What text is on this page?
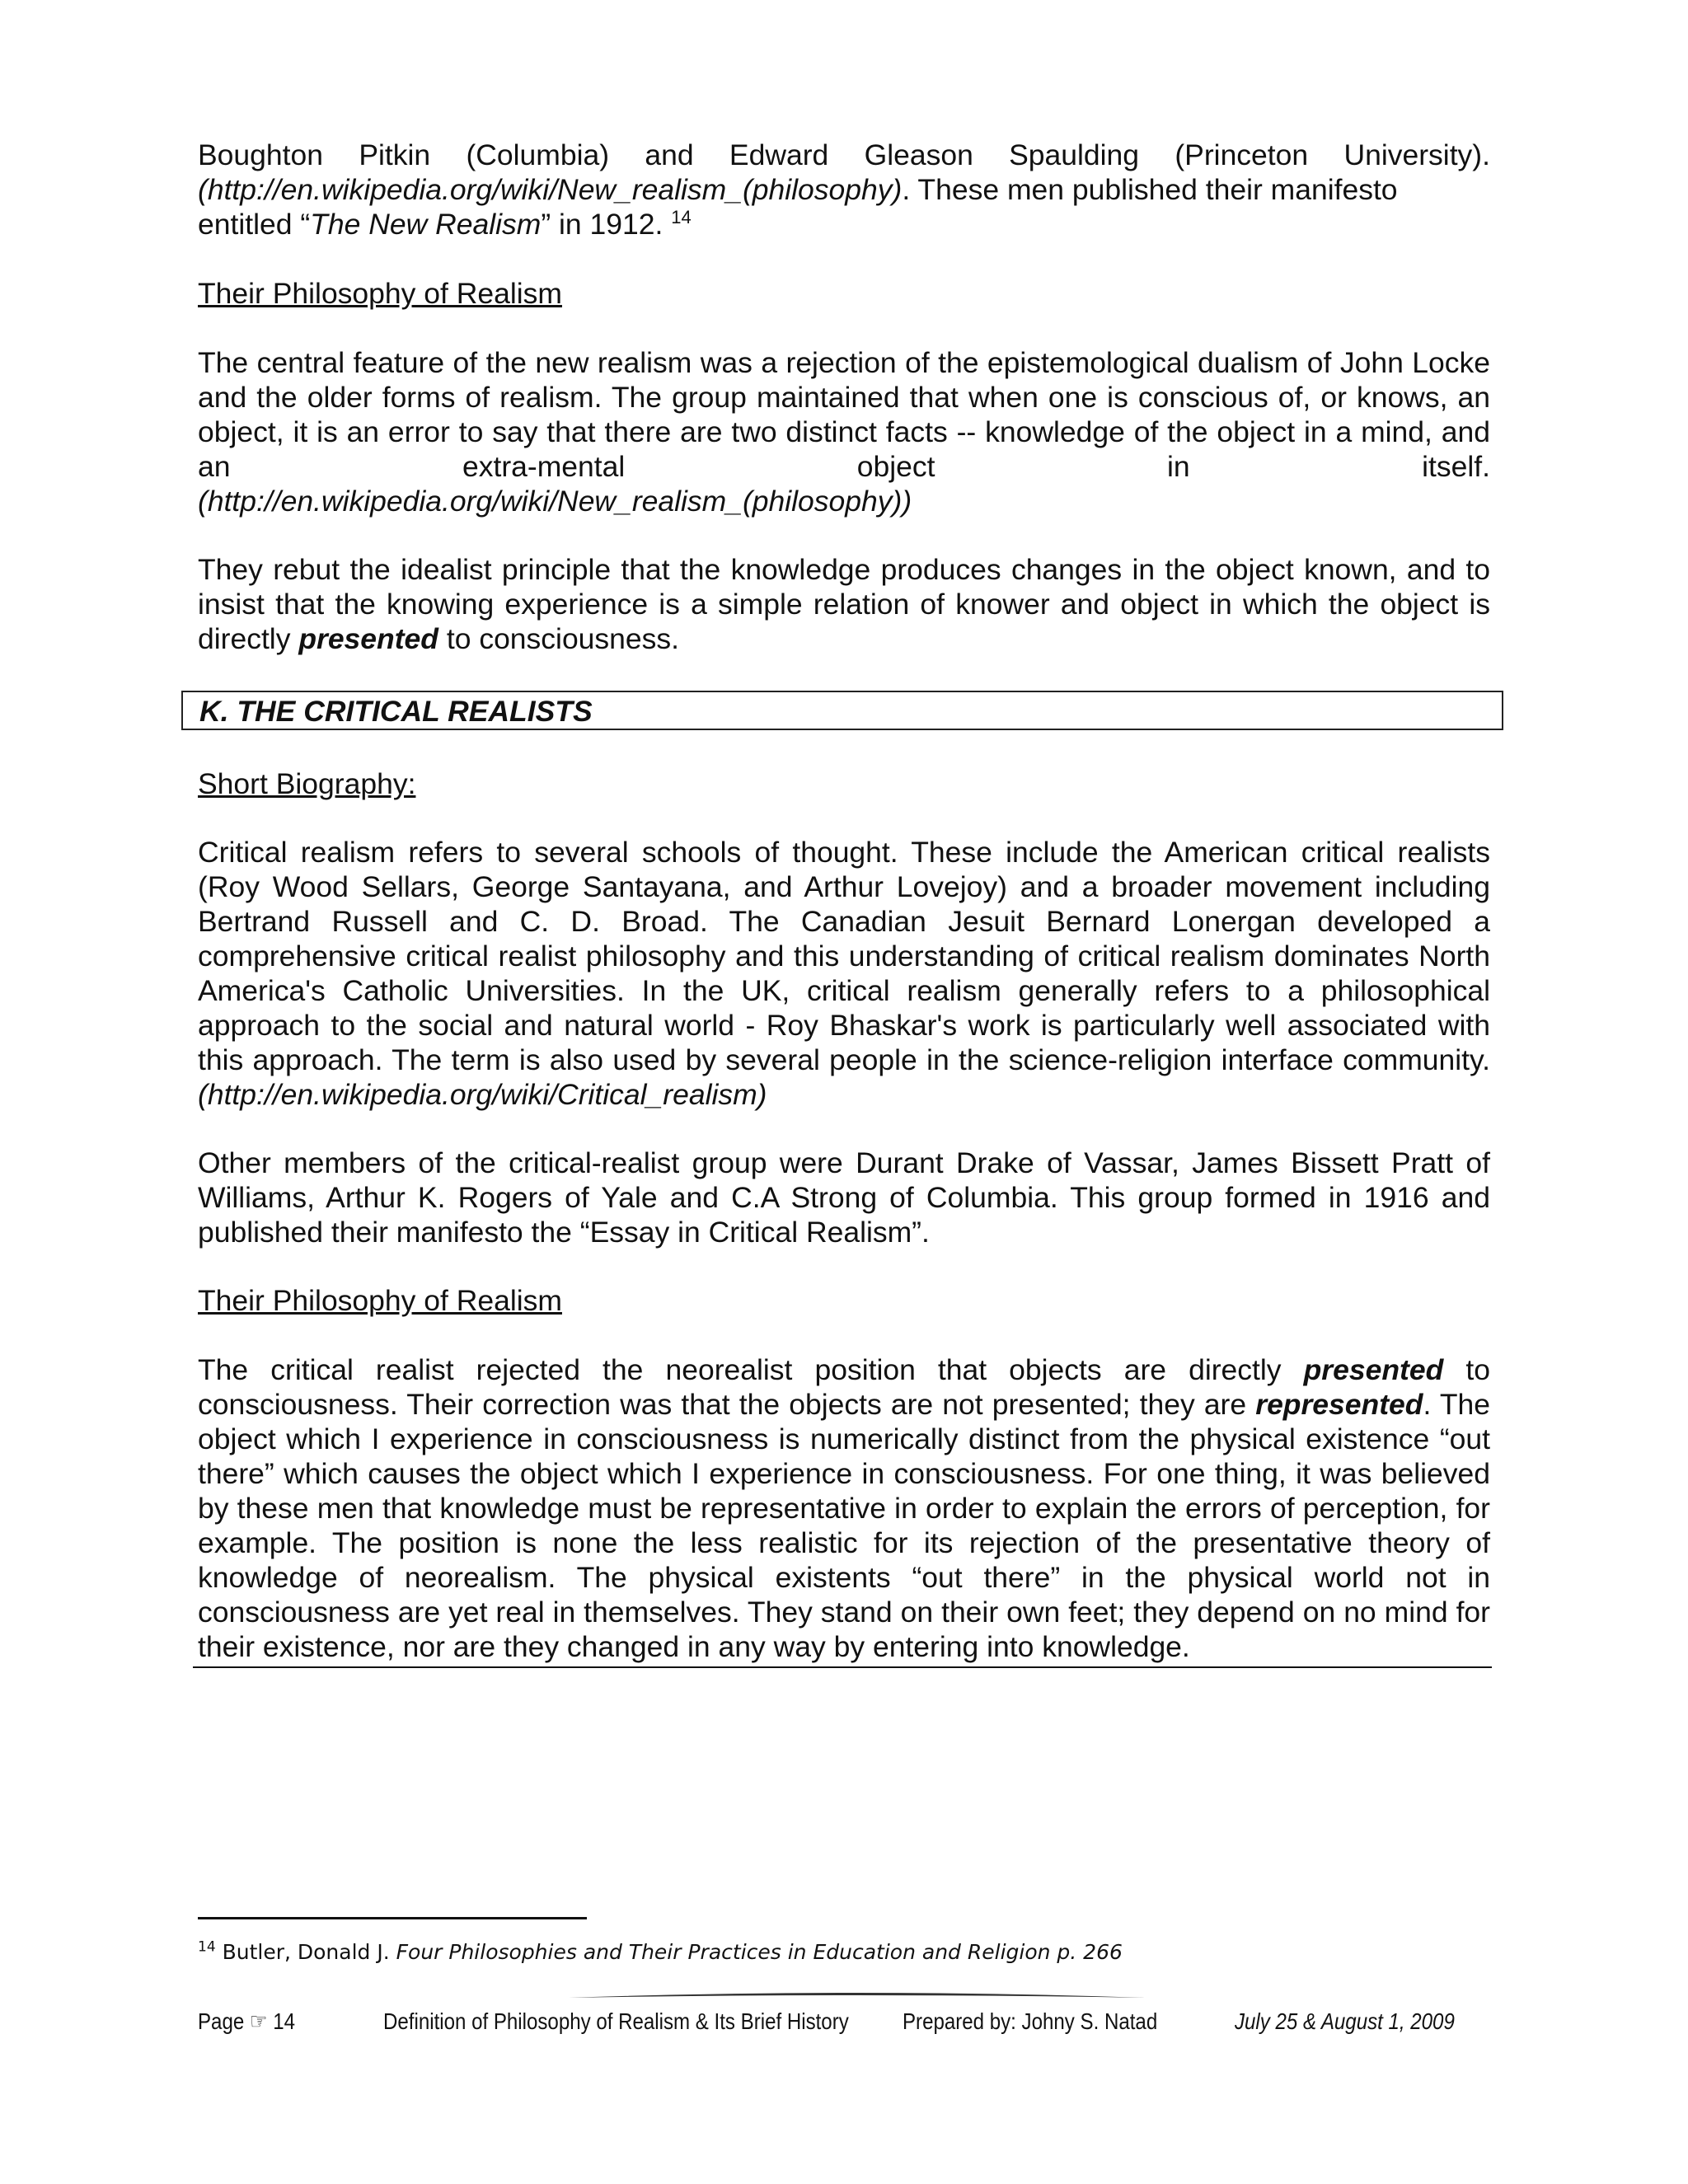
Boughton Pitkin (Columbia) and Edward Gleason Spaulding (Princeton University).

(http://en.wikipedia.org/wiki/New_realism_(philosophy). These men published their manifesto entitled “The New Realism” in 1912. $^{14}$

Their Philosophy of Realism

The central feature of the new realism was a rejection of the epistemological dualism of John Locke and the older forms of realism. The group maintained that when one is conscious of, or knows, an object, it is an error to say that there are two distinct facts -- knowledge of the object in a mind, and an extra-mental object in itself.

(http://en.wikipedia.org/wiki/New_realism_(philosophy))

They rebut the idealist principle that the knowledge produces changes in the object known, and to insist that the knowing experience is a simple relation of knower and object in which the object is directly presented to consciousness.

K. THE CRITICAL REALISTS

Short Biography:

Critical realism refers to several schools of thought. These include the American critical realists (Roy Wood Sellars, George Santayana, and Arthur Lovejoy) and a broader movement including Bertrand Russell and C. D. Broad. The Canadian Jesuit Bernard Lonergan developed a comprehensive critical realist philosophy and this understanding of critical realism dominates North America's Catholic Universities. In the UK, critical realism generally refers to a philosophical approach to the social and natural world - Roy Bhaskar's work is particularly well associated with this approach. The term is also used by several people in the science-religion interface community. (http://en.wikipedia.org/wiki/Critical_realism)

Other members of the critical-realist group were Durant Drake of Vassar, James Bissett Pratt of Williams, Arthur K. Rogers of Yale and C.A Strong of Columbia. This group formed in 1916 and published their manifesto the “Essay in Critical Realism”.

Their Philosophy of Realism

The critical realist rejected the neorealist position that objects are directly presented to consciousness. Their correction was that the objects are not presented; they are represented. The object which I experience in consciousness is numerically distinct from the physical existence “out there” which causes the object which I experience in consciousness. For one thing, it was believed by these men that knowledge must be representative in order to explain the errors of perception, for example. The position is none the less realistic for its rejection of the presentative theory of knowledge of neorealism. The physical existents “out there” in the physical world not in consciousness are yet real in themselves. They stand on their own feet; they depend on no mind for their existence, nor are they changed in any way by entering into knowledge.

$^{14}$ Butler, Donald J. Four Philosophies and Their Practices in Education and Religion p. 266
Page ☞ 14	Definition of Philosophy of Realism & Its Brief History Prepared by: Johny S. Natad	July 25 & August 1, 2009
